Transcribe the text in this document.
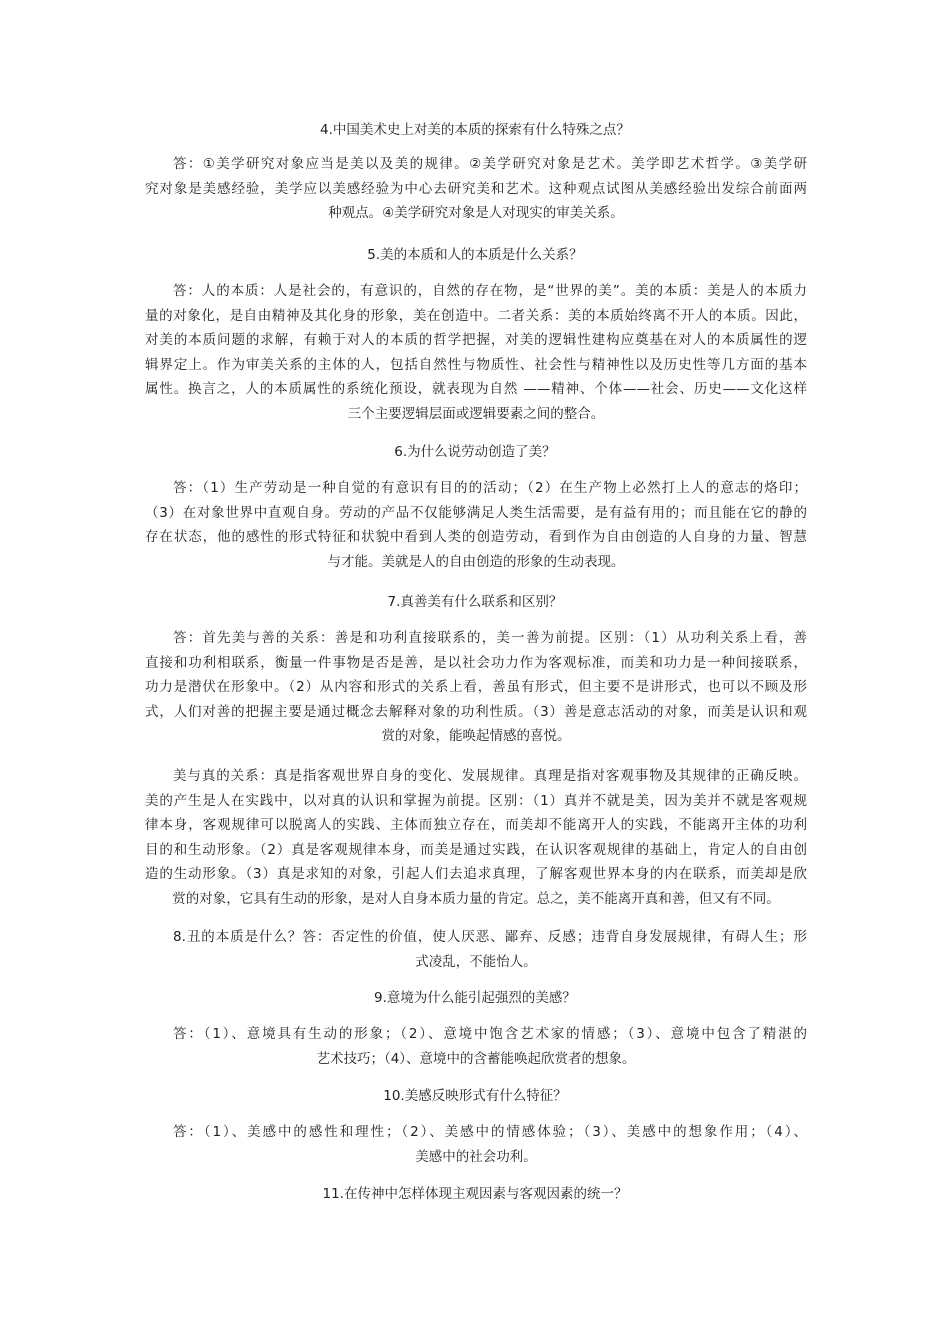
4.中国美术史上对美的本质的探索有什么特殊之点？
答：①美学研究对象应当是美以及美的规律。②美学研究对象是艺术。美学即艺术哲学。③美学研
究对象是美感经验，美学应以美感经验为中心去研究美和艺术。这种观点试图从美感经验出发综合前面两
种观点。④美学研究对象是人对现实的审美关系。
5.美的本质和人的本质是什么关系？
答：人的本质：人是社会的，有意识的，自然的存在物，是“世界的美”。美的本质：美是人的本质力
量的对象化，是自由精神及其化身的形象，美在创造中。二者关系：美的本质始终离不开人的本质。因此，
对美的本质问题的求解，有赖于对人的本质的哲学把握，对美的逻辑性建构应奠基在对人的本质属性的逻
辑界定上。作为审美关系的主体的人，包括自然性与物质性、社会性与精神性以及历史性等几方面的基本
属性。换言之，人的本质属性的系统化预设，就表现为自然 ——精神、个体——社会、历史——文化这样
三个主要逻辑层面或逻辑要素之间的整合。
6.为什么说劳动创造了美？
答：（1）生产劳动是一种自觉的有意识有目的的活动；（2）在生产物上必然打上人的意志的烙印；
（3）在对象世界中直观自身。劳动的产品不仅能够满足人类生活需要，是有益有用的；而且能在它的静的
存在状态，他的感性的形式特征和状貌中看到人类的创造劳动，看到作为自由创造的人自身的力量、智慧
与才能。美就是人的自由创造的形象的生动表现。
7.真善美有什么联系和区别？
答：首先美与善的关系：善是和功利直接联系的，美一善为前提。区别：（1）从功利关系上看，善
直接和功利相联系，衡量一件事物是否是善，是以社会功力作为客观标准，而美和功力是一种间接联系，
功力是潜伏在形象中。（2）从内容和形式的关系上看，善虽有形式，但主要不是讲形式，也可以不顾及形
式，人们对善的把握主要是通过概念去解释对象的功利性质。（3）善是意志活动的对象，而美是认识和观
赏的对象，能唤起情感的喜悦。
美与真的关系：真是指客观世界自身的变化、发展规律。真理是指对客观事物及其规律的正确反映。
美的产生是人在实践中，以对真的认识和掌握为前提。区别：（1）真并不就是美，因为美并不就是客观规
律本身，客观规律可以脱离人的实践、主体而独立存在，而美却不能离开人的实践，不能离开主体的功利
目的和生动形象。（2）真是客观规律本身，而美是通过实践，在认识客观规律的基础上，肯定人的自由创
造的生动形象。（3）真是求知的对象，引起人们去追求真理，了解客观世界本身的内在联系，而美却是欣
赏的对象，它具有生动的形象，是对人自身本质力量的肯定。总之，美不能离开真和善，但又有不同。
8.丑的本质是什么？答：否定性的价值，使人厌恶、鄙弃、反感；违背自身发展规律，有碍人生；形
式凌乱，不能怡人。
9.意境为什么能引起强烈的美感？
答：（1）、意境具有生动的形象；（2）、意境中饱含艺术家的情感；（3）、意境中包含了精湛的
艺术技巧；（4）、意境中的含蓄能唤起欣赏者的想象。
10.美感反映形式有什么特征？
答：（1）、美感中的感性和理性；（2）、美感中的情感体验；（3）、美感中的想象作用；（4）、
美感中的社会功利。
11.在传神中怎样体现主观因素与客观因素的统一？
